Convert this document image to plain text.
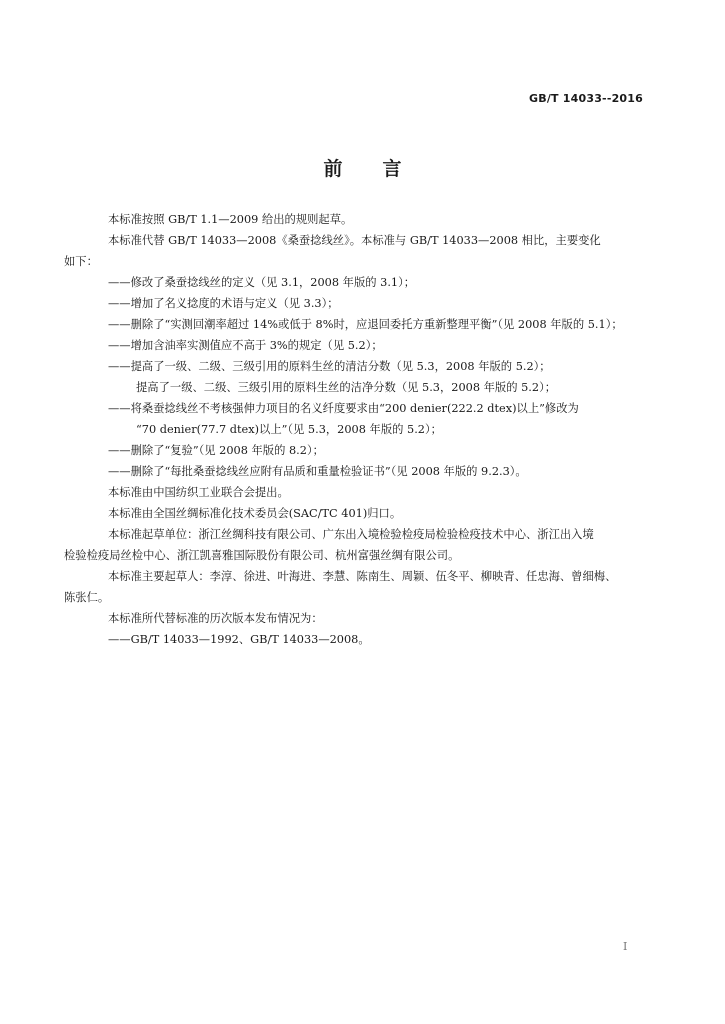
GB/T 14033--2016
前 言
本标准按照 GB/T 1.1—2009 给出的规则起草。
本标准代替 GB/T 14033—2008《桑蚕捻线丝》。本标准与 GB/T 14033—2008 相比，主要变化
如下：
——修改了桑蚕捻线丝的定义（见 3.1，2008 年版的 3.1）；
——增加了名义捻度的术语与定义（见 3.3）；
——删除了“实测回潮率超过 14%或低于 8%时，应退回委托方重新整理平衡”（见 2008 年版的 5.1）；
——增加含油率实测值应不高于 3%的规定（见 5.2）；
——提高了一级、二级、三级引用的原料生丝的清洁分数（见 5.3，2008 年版的 5.2）；
提高了一级、二级、三级引用的原料生丝的洁净分数（见 5.3，2008 年版的 5.2）；
——将桑蚕捻线丝不考核强伸力项目的名义纤度要求由“200 denier(222.2 dtex)以上”修改为
“70 denier(77.7 dtex)以上”（见 5.3，2008 年版的 5.2）；
——删除了“复验”（见 2008 年版的 8.2）；
——删除了“每批桑蚕捻线丝应附有品质和重量检验证书”（见 2008 年版的 9.2.3）。
本标准由中国纺织工业联合会提出。
本标准由全国丝绸标准化技术委员会(SAC/TC 401)归口。
本标准起草单位：浙江丝绸科技有限公司、广东出入境检验检疫局检验检疫技术中心、浙江出入境
检验检疫局丝检中心、浙江凯喜雅国际股份有限公司、杭州富强丝绸有限公司。
本标准主要起草人：李淳、徐进、叶海进、李慧、陈南生、周颖、伍冬平、柳映青、任忠海、曾细梅、
陈张仁。
本标准所代替标准的历次版本发布情况为：
——GB/T 14033—1992、GB/T 14033—2008。
I
